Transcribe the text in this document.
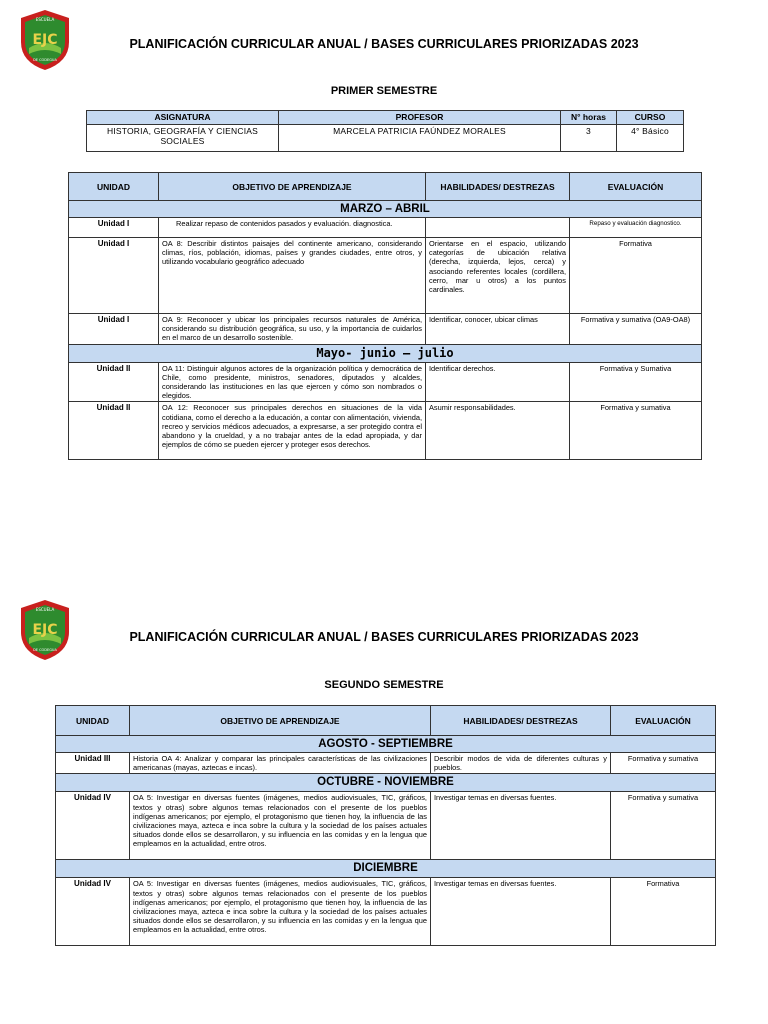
ESCUELA
EJC
DE CODEGUA
PLANIFICACIÓN CURRICULAR ANUAL / BASES CURRICULARES PRIORIZADAS 2023
PRIMER SEMESTRE
ASIGNATURA	PROFESOR	N° horas	CURSO
HISTORIA, GEOGRAFÍA Y CIENCIAS SOCIALES	MARCELA PATRICIA FAÚNDEZ MORALES	3	4° Básico
UNIDAD	OBJETIVO DE APRENDIZAJE	HABILIDADES/ DESTREZAS	EVALUACIÓN
MARZO – ABRIL			
Unidad I	Realizar repaso de contenidos pasados y evaluación. diagnostica.		Repaso y evaluación diagnostico.
Unidad I	OA 8: Describir distintos paisajes del continente americano, considerando climas, ríos, población, idiomas, países y grandes ciudades, entre otros, y utilizando vocabulario geográfico adecuado	Orientarse en el espacio, utilizando categorías de ubicación relativa (derecha, izquierda, lejos, cerca) y asociando referentes locales (cordillera, cerro, mar u otros) a los puntos cardinales.	Formativa
Unidad I	OA 9: Reconocer y ubicar los principales recursos naturales de América, considerando su distribución geográfica, su uso, y la importancia de cuidarlos en el marco de un desarrollo sostenible.	Identificar, conocer, ubicar climas	Formativa y sumativa (OA9-OA8)
Mayo- junio – julio			
Unidad II	OA 11: Distinguir algunos actores de la organización política y democrática de Chile, como presidente, ministros, senadores, diputados y alcaldes, considerando las instituciones en las que ejercen y cómo son nombrados o elegidos.	Identificar derechos.	Formativa y Sumativa
Unidad II	OA 12: Reconocer sus principales derechos en situaciones de la vida cotidiana, como el derecho a la educación, a contar con alimentación, vivienda, recreo y servicios médicos adecuados, a expresarse, a ser protegido contra el abandono y la crueldad, y a no trabajar antes de la edad apropiada, y dar ejemplos de cómo se pueden ejercer y proteger esos derechos.	Asumir responsabilidades.	Formativa y sumativa
ESCUELA
EJC
DE CODEGUA
PLANIFICACIÓN CURRICULAR ANUAL / BASES CURRICULARES PRIORIZADAS 2023
SEGUNDO SEMESTRE
UNIDAD	OBJETIVO DE APRENDIZAJE	HABILIDADES/ DESTREZAS	EVALUACIÓN
AGOSTO - SEPTIEMBRE			
Unidad III	Historia OA 4: Analizar y comparar las principales características de las civilizaciones americanas (mayas, aztecas e incas).	Describir modos de vida de diferentes culturas y pueblos.	Formativa y sumativa
OCTUBRE - NOVIEMBRE			
Unidad IV	OA 5: Investigar en diversas fuentes (imágenes, medios audiovisuales, TIC, gráficos, textos y otras) sobre algunos temas relacionados con el presente de los pueblos indígenas americanos; por ejemplo, el protagonismo que tienen hoy, la influencia de las civilizaciones maya, azteca e inca sobre la cultura y la sociedad de los países actuales situados donde ellos se desarrollaron, y su influencia en las comidas y en la lengua que empleamos en la actualidad, entre otros.	Investigar temas en diversas fuentes.	Formativa y sumativa
DICIEMBRE			
Unidad IV	OA 5: Investigar en diversas fuentes (imágenes, medios audiovisuales, TIC, gráficos, textos y otras) sobre algunos temas relacionados con el presente de los pueblos indígenas americanos; por ejemplo, el protagonismo que tienen hoy, la influencia de las civilizaciones maya, azteca e inca sobre la cultura y la sociedad de los países actuales situados donde ellos se desarrollaron, y su influencia en las comidas y en la lengua que empleamos en la actualidad, entre otros.	Investigar temas en diversas fuentes.	Formativa
